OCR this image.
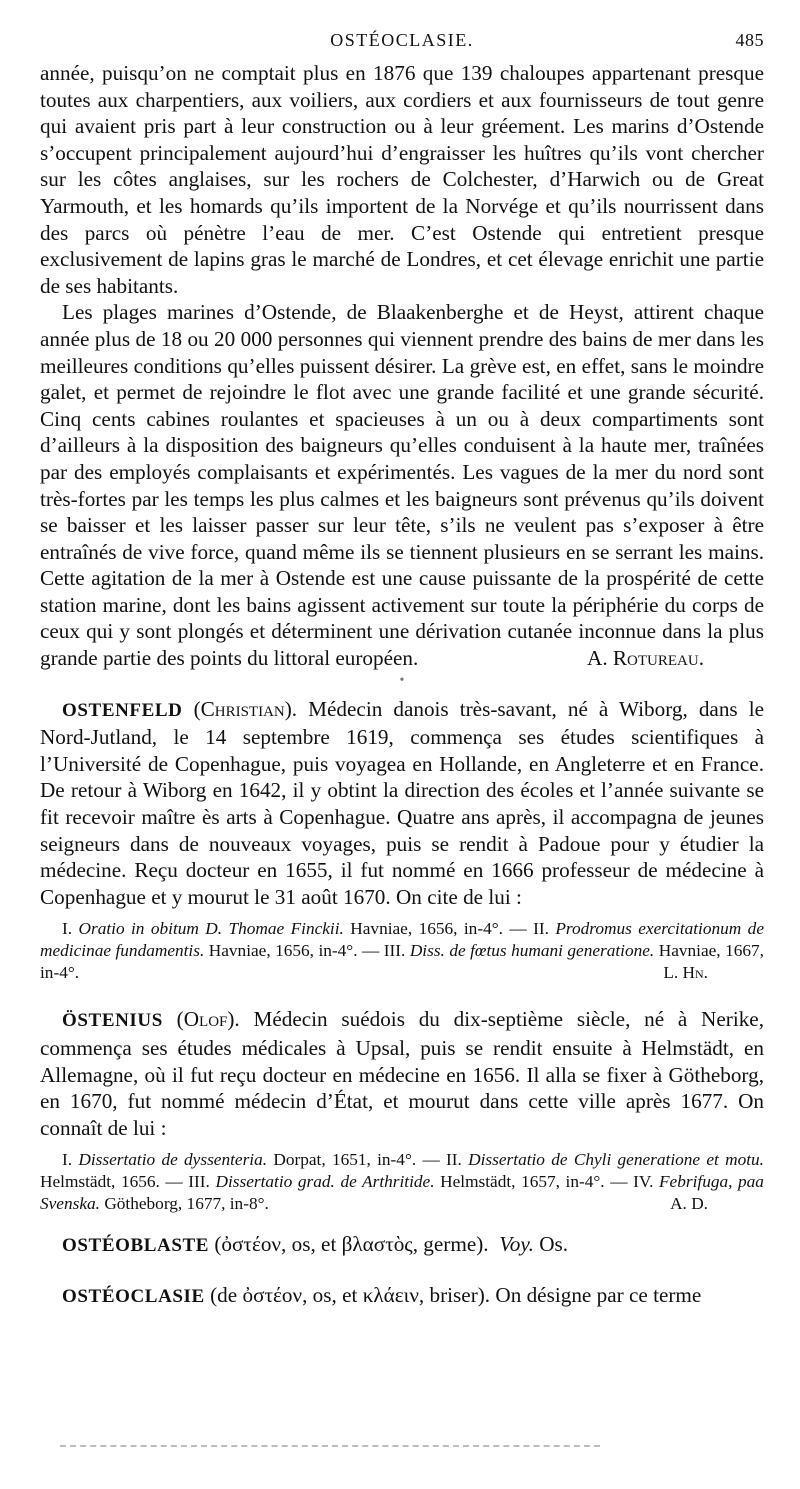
OSTÉOCLASIE.	485

année, puisqu’on ne comptait plus en 1876 que 139 chaloupes appartenant presque toutes aux charpentiers, aux voiliers, aux cordiers et aux fournisseurs de tout genre qui avaient pris part à leur construction ou à leur gréement. Les marins d’Ostende s’occupent principalement aujourd’hui d’engraisser les huîtres qu’ils vont chercher sur les côtes anglaises, sur les rochers de Colchester, d’Harwich ou de Great Yarmouth, et les homards qu’ils importent de la Norvége et qu’ils nourrissent dans des parcs où pénètre l’eau de mer. C’est Ostende qui entretient presque exclusivement de lapins gras le marché de Londres, et cet élevage enrichit une partie de ses habitants.

Les plages marines d’Ostende, de Blaakenberghe et de Heyst, attirent chaque année plus de 18 ou 20 000 personnes qui viennent prendre des bains de mer dans les meilleures conditions qu’elles puissent désirer. La grève est, en effet, sans le moindre galet, et permet de rejoindre le flot avec une grande facilité et une grande sécurité. Cinq cents cabines roulantes et spacieuses à un ou à deux compartiments sont d’ailleurs à la disposition des baigneurs qu’elles conduisent à la haute mer, traînées par des employés complaisants et expérimentés. Les vagues de la mer du nord sont très-fortes par les temps les plus calmes et les baigneurs sont prévenus qu’ils doivent se baisser et les laisser passer sur leur tête, s’ils ne veulent pas s’exposer à être entraînés de vive force, quand même ils se tiennent plusieurs en se serrant les mains. Cette agitation de la mer à Ostende est une cause puissante de la prospérité de cette station marine, dont les bains agissent activement sur toute la périphérie du corps de ceux qui y sont plongés et déterminent une dérivation cutanée inconnue dans la plus grande partie des points du littoral européen.	A. Rotureau.

•

OSTENFELD (Christian). Médecin danois très-savant, né à Wiborg, dans le Nord-Jutland, le 14 septembre 1619, commença ses études scientifiques à l’Université de Copenhague, puis voyagea en Hollande, en Angleterre et en France. De retour à Wiborg en 1642, il y obtint la direction des écoles et l’année suivante se fit recevoir maître ès arts à Copenhague. Quatre ans après, il accompagna de jeunes seigneurs dans de nouveaux voyages, puis se rendit à Padoue pour y étudier la médecine. Reçu docteur en 1655, il fut nommé en 1666 professeur de médecine à Copenhague et y mourut le 31 août 1670. On cite de lui :

I. Oratio in obitum D. Thomae Finckii. Havniae, 1656, in-4°. — II. Prodromus exercitationum de medicinae fundamentis. Havniae, 1656, in-4°. — III. Diss. de fœtus humani generatione. Havniae, 1667, in-4°.	L. Hn.

ÖSTENIUS (Olof). Médecin suédois du dix-septième siècle, né à Nerike, commença ses études médicales à Upsal, puis se rendit ensuite à Helmstädt, en Allemagne, où il fut reçu docteur en médecine en 1656. Il alla se fixer à Götheborg, en 1670, fut nommé médecin d’État, et mourut dans cette ville après 1677. On connaît de lui :

I. Dissertatio de dyssenteria. Dorpat, 1651, in-4°. — II. Dissertatio de Chyli generatione et motu. Helmstädt, 1656. — III. Dissertatio grad. de Arthritide. Helmstädt, 1657, in-4°. — IV. Febrifuga, paa Svenska. Götheborg, 1677, in-8°.	A. D.

OSTÉOBLASTE (ὀστέον, os, et βλαστὸς, germe). Voy. Os.

OSTÉOCLASIE (de ὀστέον, os, et κλάειν, briser). On désigne par ce terme
